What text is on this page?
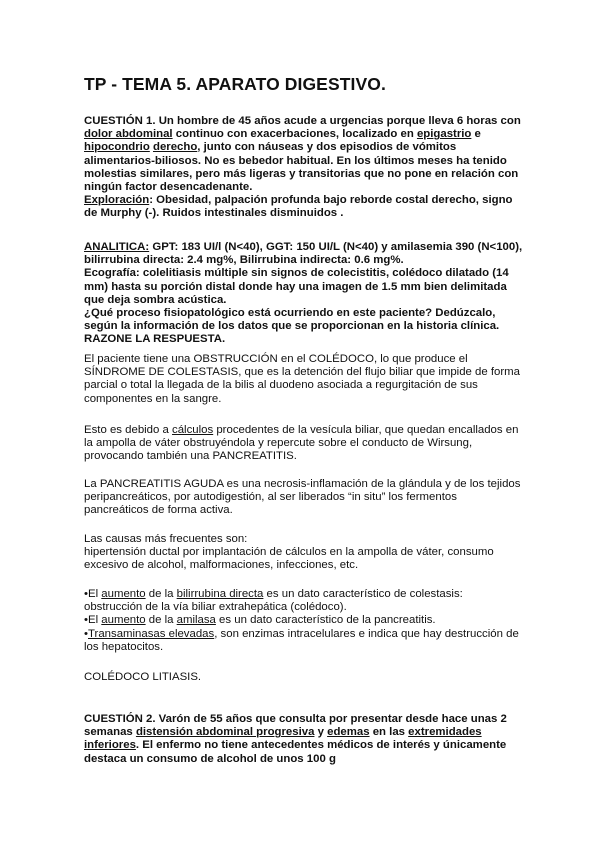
TP - TEMA 5. APARATO DIGESTIVO.

CUESTIÓN 1. Un hombre de 45 años acude a urgencias porque lleva 6 horas con dolor abdominal continuo con exacerbaciones, localizado en epigastrio e hipocondrio derecho, junto con náuseas y dos episodios de vómitos alimentarios-biliosos. No es bebedor habitual. En los últimos meses ha tenido molestias similares, pero más ligeras y transitorias que no pone en relación con ningún factor desencadenante.

Exploración: Obesidad, palpación profunda bajo reborde costal derecho, signo de Murphy (-). Ruidos intestinales disminuidos .

ANALITICA: GPT: 183 UI/l (N<40), GGT: 150 UI/L (N<40) y amilasemia 390 (N<100), bilirrubina directa: 2.4 mg%, Bilirrubina indirecta: 0.6 mg%.

Ecografía: colelitiasis múltiple sin signos de colecistitis, colédoco dilatado (14 mm) hasta su porción distal donde hay una imagen de 1.5 mm bien delimitada que deja sombra acústica.

¿Qué proceso fisiopatológico está ocurriendo en este paciente? Dedúzcalo, según la información de los datos que se proporcionan en la historia clínica. RAZONE LA RESPUESTA.

El paciente tiene una OBSTRUCCIÓN en el COLÉDOCO, lo que produce el SÍNDROME DE COLESTASIS, que es la detención del flujo biliar que impide de forma parcial o total la llegada de la bilis al duodeno asociada a regurgitación de sus componentes en la sangre.

Esto es debido a cálculos procedentes de la vesícula biliar, que quedan encallados en la ampolla de váter obstruyéndola y repercute sobre el conducto de Wirsung, provocando también una PANCREATITIS.

La PANCREATITIS AGUDA es una necrosis-inflamación de la glándula y de los tejidos peripancreáticos, por autodigestión, al ser liberados “in situ” los fermentos pancreáticos de forma activa.

Las causas más frecuentes son:

hipertensión ductal por implantación de cálculos en la ampolla de váter, consumo excesivo de alcohol, malformaciones, infecciones, etc.

•El aumento de la bilirrubina directa es un dato característico de colestasis: obstrucción de la vía biliar extrahepática (colédoco).

•El aumento de la amilasa es un dato característico de la pancreatitis.

•Transaminasas elevadas, son enzimas intracelulares e indica que hay destrucción de los hepatocitos.

COLÉDOCO LITIASIS.

CUESTIÓN 2. Varón de 55 años que consulta por presentar desde hace unas 2 semanas distensión abdominal progresiva y edemas en las extremidades inferiores. El enfermo no tiene antecedentes médicos de interés y únicamente destaca un consumo de alcohol de unos 100 g
